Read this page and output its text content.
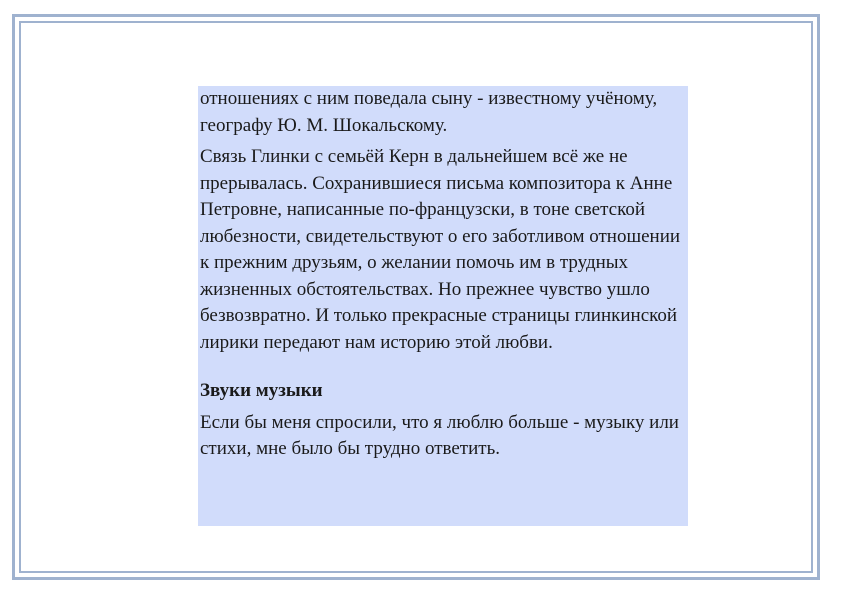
отношениях с ним поведала сыну - известному учёному, географу Ю. М. Шокальскому.

Связь Глинки с семьёй Керн в дальнейшем всё же не прерывалась. Сохранившиеся письма композитора к Анне Петровне, написанные по-французски, в тоне светской любезности, свидетельствуют о его заботливом отношении к прежним друзьям, о желании помочь им в трудных жизненных обстоятельствах. Но прежнее чувство ушло безвозвратно. И только прекрасные страницы глинкинской лирики передают нам историю этой любви.

Звуки музыки

Если бы меня спросили, что я люблю больше - музыку или стихи, мне было бы трудно ответить.
